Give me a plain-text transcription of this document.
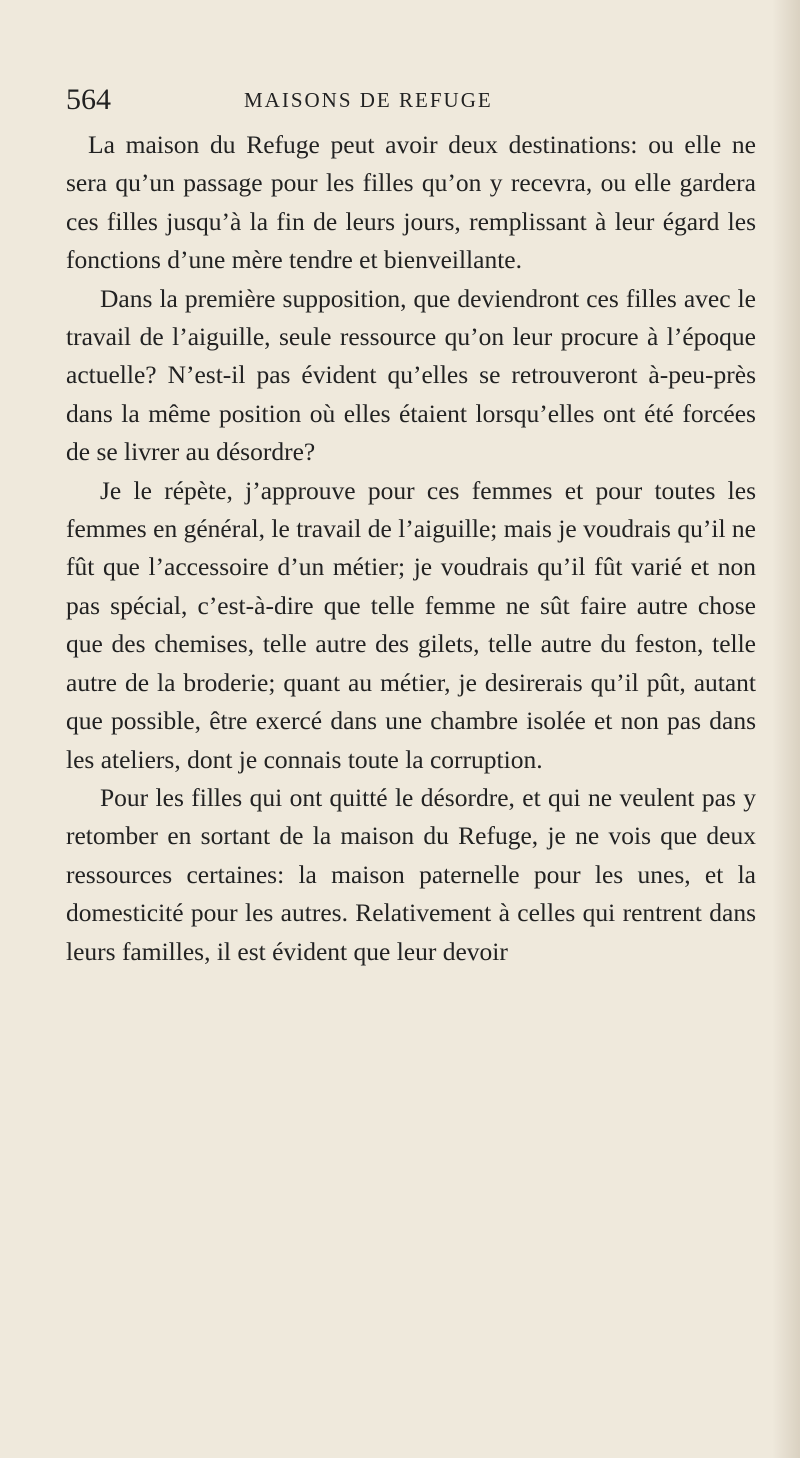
564	MAISONS DE REFUGE

La maison du Refuge peut avoir deux destinations: ou elle ne sera qu’un passage pour les filles qu’on y recevra, ou elle gardera ces filles jusqu’à la fin de leurs jours, remplissant à leur égard les fonctions d’une mère tendre et bienveillante.

Dans la première supposition, que deviendront ces filles avec le travail de l’aiguille, seule ressource qu’on leur procure à l’époque actuelle? N’est-il pas évident qu’elles se retrouveront à-peu-près dans la même position où elles étaient lorsqu’elles ont été forcées de se livrer au désordre?

Je le répète, j’approuve pour ces femmes et pour toutes les femmes en général, le travail de l’aiguille; mais je voudrais qu’il ne fût que l’accessoire d’un métier; je voudrais qu’il fût varié et non pas spécial, c’est-à-dire que telle femme ne sût faire autre chose que des chemises, telle autre des gilets, telle autre du feston, telle autre de la broderie; quant au métier, je desirerais qu’il pût, autant que possible, être exercé dans une chambre isolée et non pas dans les ateliers, dont je connais toute la corruption.

Pour les filles qui ont quitté le désordre, et qui ne veulent pas y retomber en sortant de la maison du Refuge, je ne vois que deux ressources certaines: la maison paternelle pour les unes, et la domesticité pour les autres. Relativement à celles qui rentrent dans leurs familles, il est évident que leur devoir
